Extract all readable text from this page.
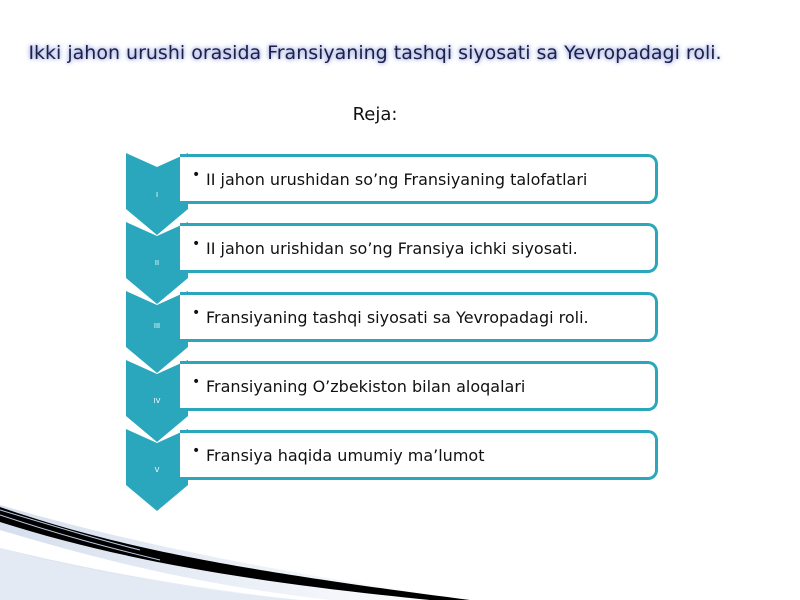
Ikki jahon urushi orasida Fransiyaning tashqi siyosati sa Yevropadagi roli.
Reja:
I
• II jahon urushidan so’ng Fransiyaning talofatlari
II
• II jahon urishidan so’ng Fransiya ichki siyosati.
III
• Fransiyaning tashqi siyosati sa Yevropadagi roli.
IV
• Fransiyaning O’zbekiston bilan aloqalari
V
• Fransiya haqida umumiy ma’lumot
